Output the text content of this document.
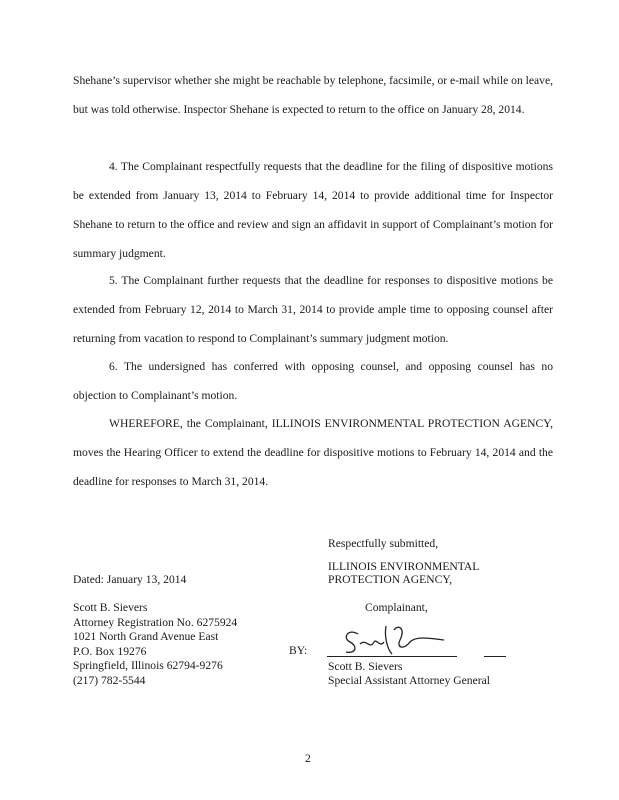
Shehane’s supervisor whether she might be reachable by telephone, facsimile, or e-mail while on leave, but was told otherwise. Inspector Shehane is expected to return to the office on January 28, 2014.

4. The Complainant respectfully requests that the deadline for the filing of dispositive motions be extended from January 13, 2014 to February 14, 2014 to provide additional time for Inspector Shehane to return to the office and review and sign an affidavit in support of Complainant’s motion for summary judgment.

5. The Complainant further requests that the deadline for responses to dispositive motions be extended from February 12, 2014 to March 31, 2014 to provide ample time to opposing counsel after returning from vacation to respond to Complainant’s summary judgment motion.

6. The undersigned has conferred with opposing counsel, and opposing counsel has no objection to Complainant’s motion.

WHEREFORE, the Complainant, ILLINOIS ENVIRONMENTAL PROTECTION AGENCY, moves the Hearing Officer to extend the deadline for dispositive motions to February 14, 2014 and the deadline for responses to March 31, 2014.

Respectfully submitted,
ILLINOIS ENVIRONMENTAL
PROTECTION AGENCY,
Complainant,
Dated: January 13, 2014
Scott B. Sievers
Attorney Registration No. 6275924
1021 North Grand Avenue East
P.O. Box 19276
Springfield, Illinois 62794-9276
(217) 782-5544
BY:
Scott B. Sievers
Special Assistant Attorney General
2
